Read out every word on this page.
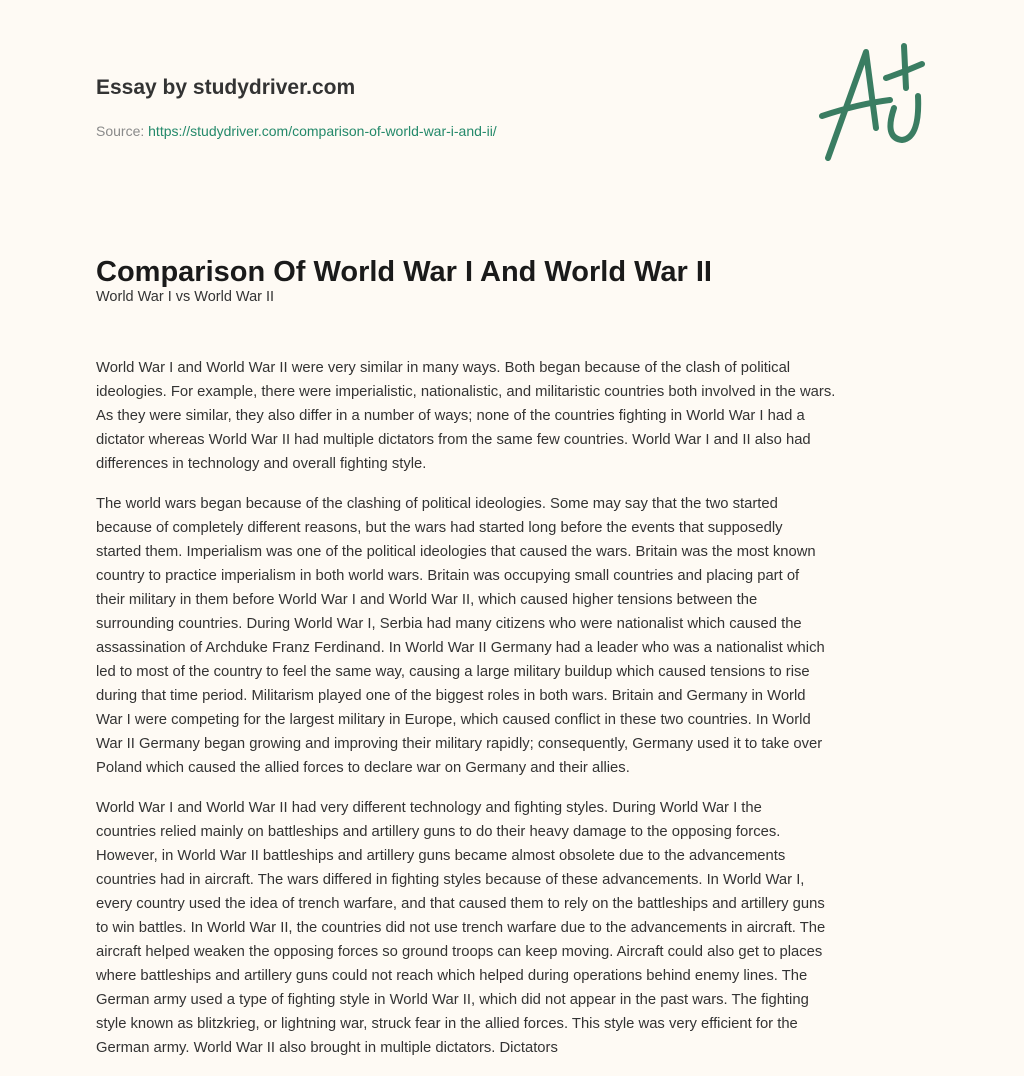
Essay by studydriver.com
Source: https://studydriver.com/comparison-of-world-war-i-and-ii/
Comparison Of World War I And World War II
World War I vs World War II

World War I and World War II were very similar in many ways. Both began because of the clash of political
ideologies. For example, there were imperialistic, nationalistic, and militaristic countries both involved in the wars.
As they were similar, they also differ in a number of ways; none of the countries fighting in World War I had a
dictator whereas World War II had multiple dictators from the same few countries. World War I and II also had
differences in technology and overall fighting style.

The world wars began because of the clashing of political ideologies. Some may say that the two started
because of completely different reasons, but the wars had started long before the events that supposedly
started them. Imperialism was one of the political ideologies that caused the wars. Britain was the most known
country to practice imperialism in both world wars. Britain was occupying small countries and placing part of
their military in them before World War I and World War II, which caused higher tensions between the
surrounding countries. During World War I, Serbia had many citizens who were nationalist which caused the
assassination of Archduke Franz Ferdinand. In World War II Germany had a leader who was a nationalist which
led to most of the country to feel the same way, causing a large military buildup which caused tensions to rise
during that time period. Militarism played one of the biggest roles in both wars. Britain and Germany in World
War I were competing for the largest military in Europe, which caused conflict in these two countries. In World
War II Germany began growing and improving their military rapidly; consequently, Germany used it to take over
Poland which caused the allied forces to declare war on Germany and their allies.

World War I and World War II had very different technology and fighting styles. During World War I the
countries relied mainly on battleships and artillery guns to do their heavy damage to the opposing forces.
However, in World War II battleships and artillery guns became almost obsolete due to the advancements
countries had in aircraft. The wars differed in fighting styles because of these advancements. In World War I,
every country used the idea of trench warfare, and that caused them to rely on the battleships and artillery guns
to win battles. In World War II, the countries did not use trench warfare due to the advancements in aircraft. The
aircraft helped weaken the opposing forces so ground troops can keep moving. Aircraft could also get to places
where battleships and artillery guns could not reach which helped during operations behind enemy lines. The
German army used a type of fighting style in World War II, which did not appear in the past wars. The fighting
style known as blitzkrieg, or lightning war, struck fear in the allied forces. This style was very efficient for the
German army. World War II also brought in multiple dictators. Dictators
